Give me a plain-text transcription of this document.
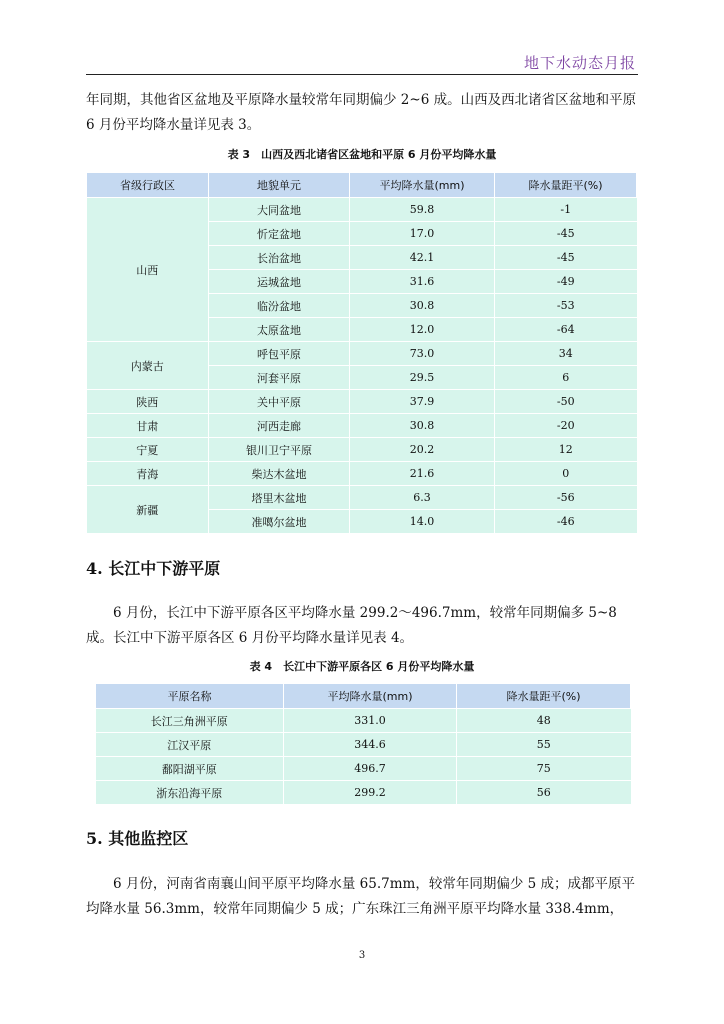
地下水动态月报

年同期，其他省区盆地及平原降水量较常年同期偏少 2~6 成。山西及西北诸省区盆地和平原 6 月份平均降水量详见表 3。

表 3　山西及西北诸省区盆地和平原 6 月份平均降水量
省级行政区	地貌单元	平均降水量(mm)	降水量距平(%)
山西	大同盆地	59.8	-1
	忻定盆地	17.0	-45
	长治盆地	42.1	-45
	运城盆地	31.6	-49
	临汾盆地	30.8	-53
	太原盆地	12.0	-64
内蒙古	呼包平原	73.0	34
	河套平原	29.5	6
陕西	关中平原	37.9	-50
甘肃	河西走廊	30.8	-20
宁夏	银川卫宁平原	20.2	12
青海	柴达木盆地	21.6	0
新疆	塔里木盆地	6.3	-56
	准噶尔盆地	14.0	-46
4. 长江中下游平原

6 月份，长江中下游平原各区平均降水量 299.2～496.7mm，较常年同期偏多 5~8 成。长江中下游平原各区 6 月份平均降水量详见表 4。

表 4　长江中下游平原各区 6 月份平均降水量
平原名称	平均降水量(mm)	降水量距平(%)
长江三角洲平原	331.0	48
江汉平原	344.6	55
鄱阳湖平原	496.7	75
浙东沿海平原	299.2	56
5. 其他监控区

6 月份，河南省南襄山间平原平均降水量 65.7mm，较常年同期偏少 5 成；成都平原平均降水量 56.3mm，较常年同期偏少 5 成；广东珠江三角洲平原平均降水量 338.4mm，

3
